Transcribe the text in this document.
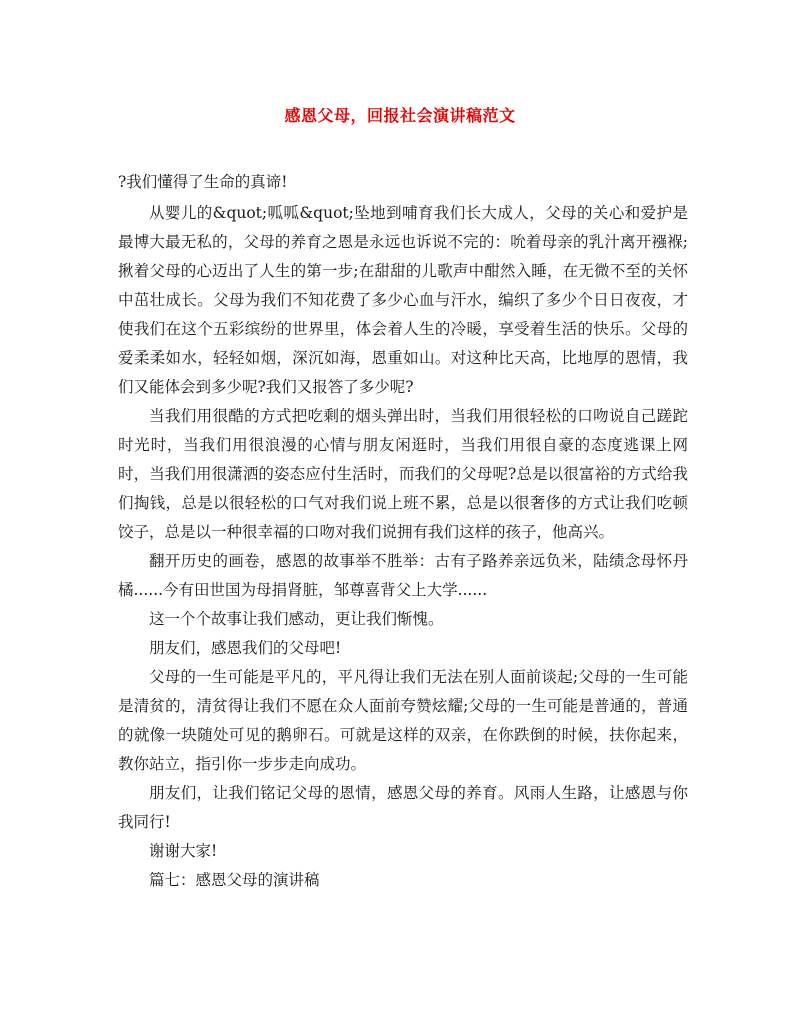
感恩父母，回报社会演讲稿范文

?我们懂得了生命的真谛!

从婴儿的&quot;呱呱&quot;坠地到哺育我们长大成人，父母的关心和爱护是最博大最无私的，父母的养育之恩是永远也诉说不完的：吮着母亲的乳汁离开襁褓;揪着父母的心迈出了人生的第一步;在甜甜的儿歌声中酣然入睡，在无微不至的关怀中茁壮成长。父母为我们不知花费了多少心血与汗水，编织了多少个日日夜夜，才使我们在这个五彩缤纷的世界里，体会着人生的冷暖，享受着生活的快乐。父母的爱柔柔如水，轻轻如烟，深沉如海，恩重如山。对这种比天高，比地厚的恩情，我们又能体会到多少呢?我们又报答了多少呢?

当我们用很酷的方式把吃剩的烟头弹出时，当我们用很轻松的口吻说自己蹉跎时光时，当我们用很浪漫的心情与朋友闲逛时，当我们用很自豪的态度逃课上网时，当我们用很潇洒的姿态应付生活时，而我们的父母呢?总是以很富裕的方式给我们掏钱，总是以很轻松的口气对我们说上班不累，总是以很奢侈的方式让我们吃顿饺子，总是以一种很幸福的口吻对我们说拥有我们这样的孩子，他高兴。

翻开历史的画卷，感恩的故事举不胜举：古有子路养亲远负米，陆绩念母怀丹橘......今有田世国为母捐肾脏，邹尊喜背父上大学......

这一个个故事让我们感动，更让我们惭愧。

朋友们，感恩我们的父母吧!

父母的一生可能是平凡的，平凡得让我们无法在别人面前谈起;父母的一生可能是清贫的，清贫得让我们不愿在众人面前夸赞炫耀;父母的一生可能是普通的，普通的就像一块随处可见的鹅卵石。可就是这样的双亲，在你跌倒的时候，扶你起来，教你站立，指引你一步步走向成功。

朋友们，让我们铭记父母的恩情，感恩父母的养育。风雨人生路，让感恩与你我同行!

谢谢大家!

篇七：感恩父母的演讲稿
